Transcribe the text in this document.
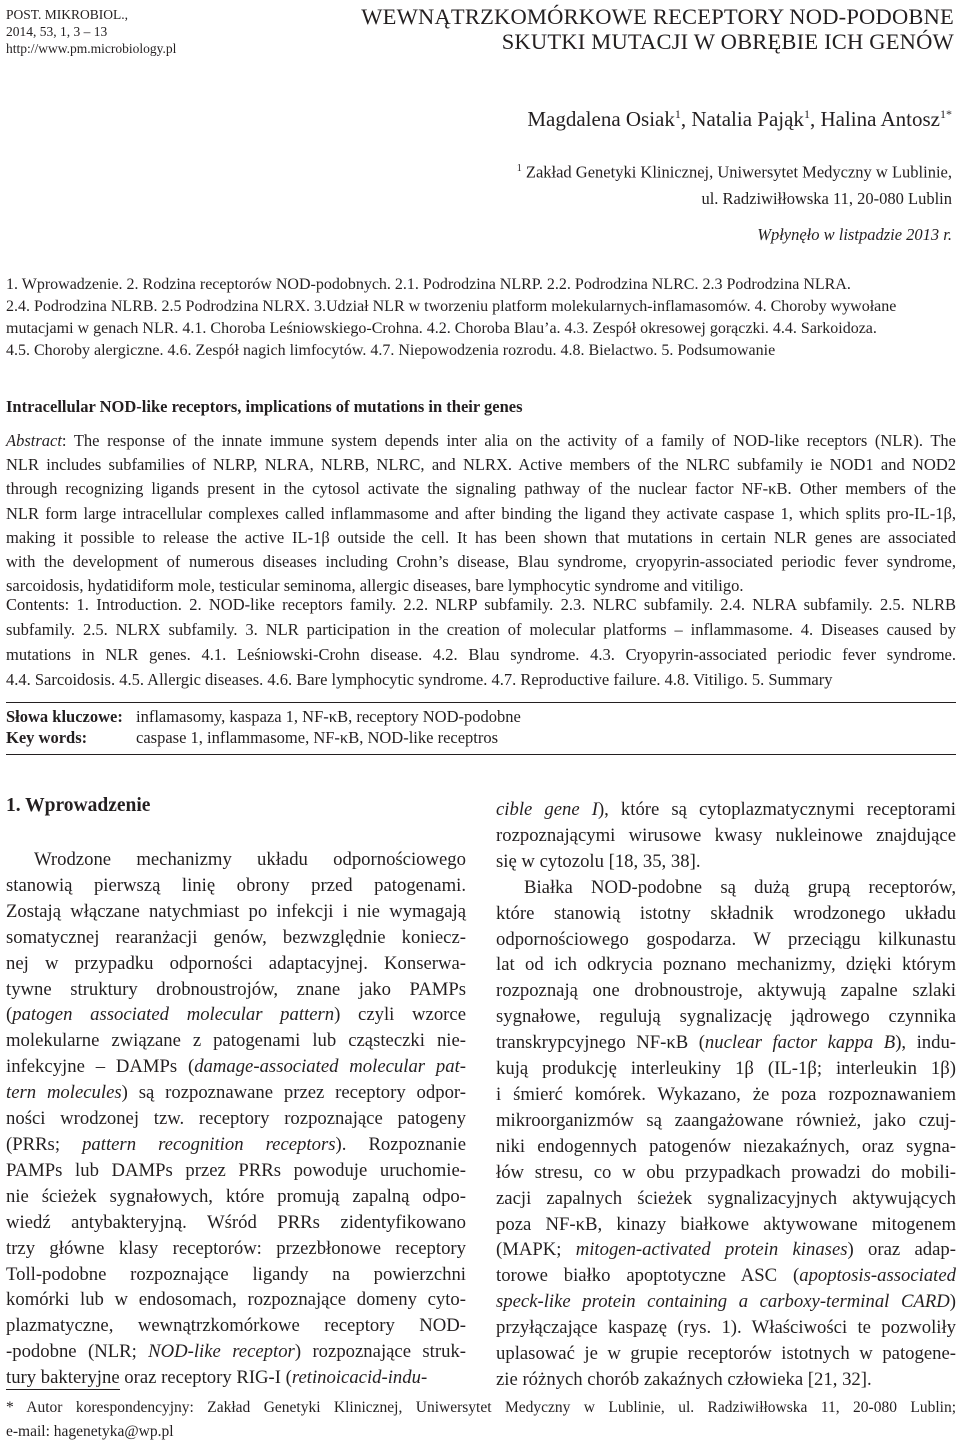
POST. MIKROBIOL.,
2014, 53, 1, 3 – 13
http://www.pm.microbiology.pl
WEWNĄTRZKOMÓRKOWE RECEPTORY NOD-PODOBNE
SKUTKI MUTACJI W OBRĘBIE ICH GENÓW
Magdalena Osiak$^1$, Natalia Pająk$^1$, Halina Antosz$^{1*}$
$^1$ Zakład Genetyki Klinicznej, Uniwersytet Medyczny w Lublinie,
ul. Radziwiłłowska 11, 20-080 Lublin
Wpłynęło w listpadzie 2013 r.
1. Wprowadzenie. 2. Rodzina receptorów NOD-podobnych. 2.1. Podrodzina NLRP. 2.2. Podrodzina NLRC. 2.3 Podrodzina NLRA.
2.4. Podrodzina NLRB. 2.5 Podrodzina NLRX. 3.Udział NLR w tworzeniu platform molekularnych-inflamasomów. 4. Choroby wywołane
mutacjami w genach NLR. 4.1. Choroba Leśniowskiego-Crohna. 4.2. Choroba Blau’a. 4.3. Zespół okresowej gorączki. 4.4. Sarkoidoza.
4.5. Choroby alergiczne. 4.6. Zespół nagich limfocytów. 4.7. Niepowodzenia rozrodu. 4.8. Bielactwo. 5. Podsumowanie
Intracellular NOD-like receptors, implications of mutations in their genes
Abstract: The response of the innate immune system depends inter alia on the activity of a family of NOD-like receptors (NLR). The
NLR includes subfamilies of NLRP, NLRA, NLRB, NLRC, and NLRX. Active members of the NLRC subfamily ie NOD1 and NOD2
through recognizing ligands present in the cytosol activate the signaling pathway of the nuclear factor NF-κB. Other members of the
NLR form large intracellular complexes called inflammasome and after binding the ligand they activate caspase 1, which splits pro-IL-1β,
making it possible to release the active IL-1β outside the cell. It has been shown that mutations in certain NLR genes are associated
with the development of numerous diseases including Crohn’s disease, Blau syndrome, cryopyrin-associated periodic fever syndrome,
sarcoidosis, hydatidiform mole, testicular seminoma, allergic diseases, bare lymphocytic syndrome and vitiligo.
Contents: 1. Introduction. 2. NOD-like receptors family. 2.2. NLRP subfamily. 2.3. NLRC subfamily. 2.4. NLRA subfamily. 2.5. NLRB
subfamily. 2.5. NLRX subfamily. 3. NLR participation in the creation of molecular platforms – inflammasome. 4. Diseases caused by
mutations in NLR genes. 4.1. Leśniowski-Crohn disease. 4.2. Blau syndrome. 4.3. Cryopyrin-associated periodic fever syndrome.
4.4. Sarcoidosis. 4.5. Allergic diseases. 4.6. Bare lymphocytic syndrome. 4.7. Reproductive failure. 4.8. Vitiligo. 5. Summary
Słowa kluczowe: inflamasomy, kaspaza 1, NF-κB, receptory NOD-podobne
Key words:	caspase 1, inflammasome, NF-κB, NOD-like receptros
1. Wprowadzenie
Wrodzone mechanizmy układu odpornościowego
stanowią pierwszą linię obrony przed patogenami.
Zostają włączane natychmiast po infekcji i nie wymagają
somatycznej rearanżacji genów, bezwzględnie koniecz-
nej w przypadku odporności adaptacyjnej. Konserwa-
tywne struktury drobnoustrojów, znane jako PAMPs
(patogen associated molecular pattern) czyli wzorce
molekularne związane z patogenami lub cząsteczki nie-
infekcyjne – DAMPs (damage-associated molecular pat-
tern molecules) są rozpoznawane przez receptory odpor-
ności wrodzonej tzw. receptory rozpoznające patogeny
(PRRs; pattern recognition receptors). Rozpoznanie
PAMPs lub DAMPs przez PRRs powoduje uruchomie-
nie ścieżek sygnałowych, które promują zapalną odpo-
wiedź antybakteryjną. Wśród PRRs zidentyfikowano
trzy główne klasy receptorów: przezbłonowe receptory
Toll-podobne rozpoznające ligandy na powierzchni
komórki lub w endosomach, rozpoznające domeny cyto-
plazmatyczne, wewnątrzkomórkowe receptory NOD-
-podobne (NLR; NOD-like receptor) rozpoznające struk-
tury bakteryjne oraz receptory RIG-I (retinoicacid-indu-
cible gene I), które są cytoplazmatycznymi receptorami
rozpoznającymi wirusowe kwasy nukleinowe znajdujące
się w cytozolu [18, 35, 38].
Białka NOD-podobne są dużą grupą receptorów,
które stanowią istotny składnik wrodzonego układu
odpornościowego gospodarza. W przeciągu kilkunastu
lat od ich odkrycia poznano mechanizmy, dzięki którym
rozpoznają one drobnoustroje, aktywują zapalne szlaki
sygnałowe, regulują sygnalizację jądrowego czynnika
transkrypcyjnego NF-κB (nuclear factor kappa B), indu-
kują produkcję interleukiny 1β (IL-1β; interleukin 1β)
i śmierć komórek. Wykazano, że poza rozpoznawaniem
mikroorganizmów są zaangażowane również, jako czuj-
niki endogennych patogenów niezakaźnych, oraz sygna-
łów stresu, co w obu przypadkach prowadzi do mobili-
zacji zapalnych ścieżek sygnalizacyjnych aktywujących
poza NF-κB, kinazy białkowe aktywowane mitogenem
(MAPK; mitogen-activated protein kinases) oraz adap-
torowe białko apoptotyczne ASC (apoptosis-associated
speck-like protein containing a carboxy-terminal CARD)
przyłączające kaspazę (rys. 1). Właściwości te pozwoliły
uplasować je w grupie receptorów istotnych w patogene-
zie różnych chorób zakaźnych człowieka [21, 32].
* Autor korespondencyjny: Zakład Genetyki Klinicznej, Uniwersytet Medyczny w Lublinie, ul. Radziwiłłowska 11, 20-080 Lublin;
e-mail: hagenetyka@wp.pl
